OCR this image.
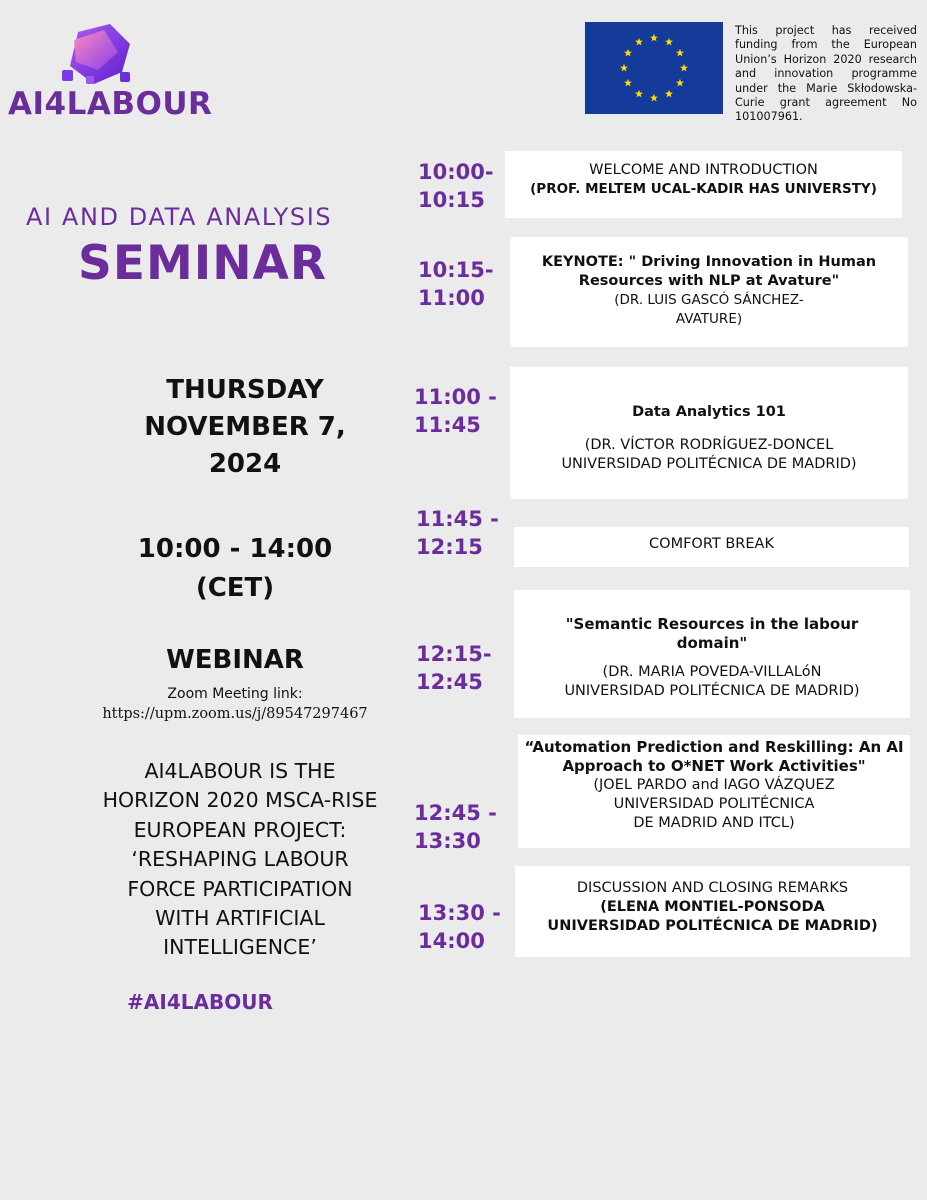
AI4LABOUR
This project has received funding from the European Union’s Horizon 2020 research and innovation programme under the Marie Skłodowska-Curie grant agreement No 101007961.
AI AND DATA ANALYSIS
SEMINAR
THURSDAY
NOVEMBER 7,
2024
10:00 - 14:00
(CET)
WEBINAR
Zoom Meeting link:
https://upm.zoom.us/j/89547297467
AI4LABOUR IS THE
HORIZON 2020 MSCA-RISE
EUROPEAN PROJECT:
‘RESHAPING LABOUR
FORCE PARTICIPATION
WITH ARTIFICIAL
INTELLIGENCE’
#AI4LABOUR
10:00-
10:15
10:15-
11:00
11:00 -
11:45
11:45 -
12:15
12:15-
12:45
12:45 -
13:30
13:30 -
14:00
WELCOME AND INTRODUCTION
(PROF. MELTEM UCAL-KADIR HAS UNIVERSTY)
KEYNOTE: " Driving Innovation in Human
Resources with NLP at Avature"
(DR. LUIS GASCÓ SÁNCHEZ-
AVATURE)
Data Analytics 101
(DR. VÍCTOR RODRÍGUEZ-DONCEL
UNIVERSIDAD POLITÉCNICA DE MADRID)
COMFORT BREAK
"Semantic Resources in the labour
domain"
(DR. MARIA POVEDA-VILLALóN
UNIVERSIDAD POLITÉCNICA DE MADRID)
“Automation Prediction and Reskilling: An AI
Approach to O*NET Work Activities"
(JOEL PARDO and IAGO VÁZQUEZ
UNIVERSIDAD POLITÉCNICA
DE MADRID AND ITCL)
DISCUSSION AND CLOSING REMARKS
(ELENA MONTIEL-PONSODA
UNIVERSIDAD POLITÉCNICA DE MADRID)
